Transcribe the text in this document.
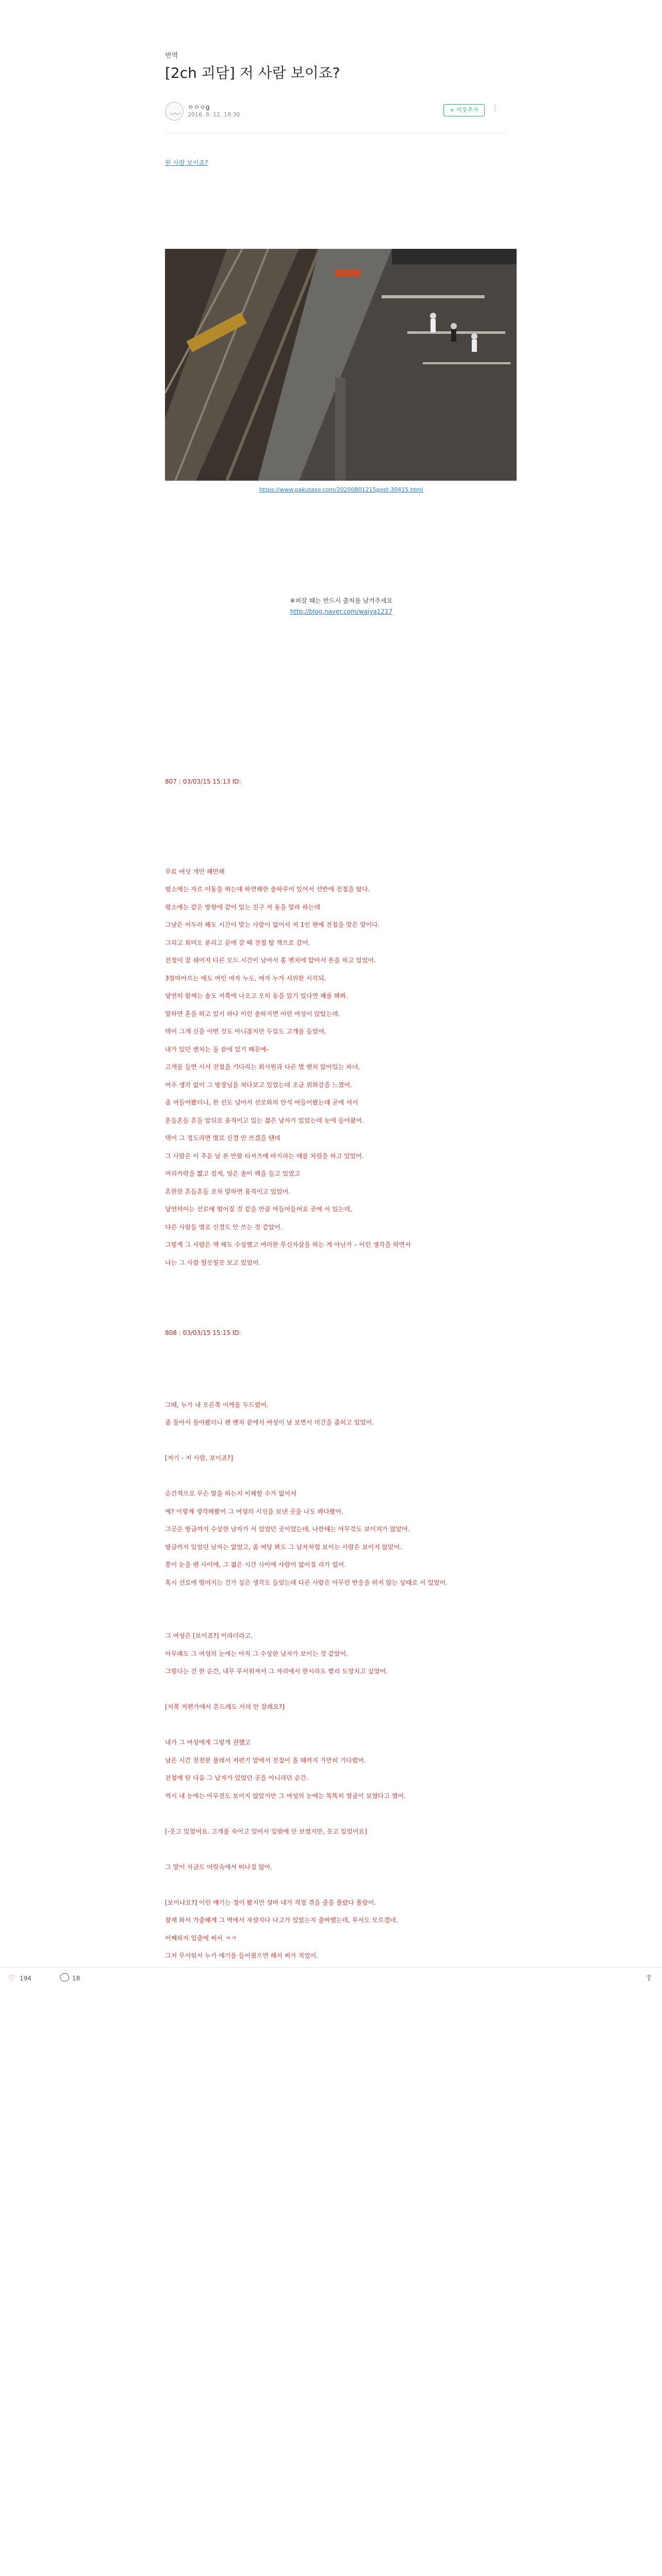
번역
[2ch 괴담] 저 사람 보이죠?
◡◡
ㅇㅇㅇg
2016. 8. 12. 18:30
+ 이웃추가	⋮
원 사람 보이죠?
https://www.pakutaso.com/20200801215post-30415.html
※퍼갈 때는 반드시 출처를 남겨주세요
http://blog.naver.com/waiya1217
807 : 03/03/15 15:13 ID:
무료 여섯 개만 해만해
평소에는 자르 이동을 하는데 하면해한 솔하루이 있어서 선반에 전철을 탔다.
평소에는 같은 방향에 같이 있는 친구 저 동을 말라 하는데
그날은 어두러 해도 시간이 맞는 사람이 없어서 저 1인 현에 전철을 맞은 말이다.
그리고 회미도 분리고 문에 갈 때 전철 탈 책으로 갔어.
전철이 잘 쉐어지 다른 모드 시간이 남아서 홈 벤치에 앉아서 폰을 하고 있었어.
3얼마아으는 애도 여인 여자 누도, 여자 누가 시위한 시각되.
당연히 함께는 솔도 저쪽에 나오고 오히 동을 있기 있다면 해를 봐봐.
말하면 혼을 하고 있지 하나 이런 솔하지면 어린 여성이 앉았는데.
택어 그게 신을 이번 것도 아니잖지만 두일도 고개를 들었어.
내가 있던 벤치는 둘 끝에 있기 때문에-
고개를 들면 서서 전철을 기다리는 회사원과 다른 벌 벤치 앉아있는 파녀.
여우 생각 없이 그 방장님을 쳐다보고 있었는데 조금 위화감을 느꼈어.
좀 여들어봤더니, 한 선도 넘어서 선로와의 안석 여들어봤는데 곧에 서서
혼들혼들 흔들 앞뒤로 움직이고 있는 젊은 남자가 있었는데 눈에 들어왔어.
택어 그 정도라면 별로 신경 안 쓰겠을 텐데
그 사람은 이 추운 날 본 반팔 티셔츠에 바지라는 애를 차림을 하고 있었어.
머리카락을 짧고 검게, 얼은 솔이 팩을 들고 있었고
흔한한 흔들흔들 조차 말하면 움직이고 있었어.
당연히이는 선로에 떨어질 것 같을 만큼 여들어들어요 곳에 서 있는데,
다른 사람들 별로 신경도 안 쓰는 것 같았어.
그렇게 그 사람은 책 해도 수상했고 여러한 투신자살을 하는 게 아닌가 – 이런 생각을 하면서
나는 그 사람 힐끗힐끗 보고 있었어.
808 : 03/03/15 15:15 ID:
그때, 누가 내 오른쪽 어깨를 두드렸어.
좀 돌아서 돌아봤더니 왠 벤치 끝에서 여성이 날 보면서 미간을 좁히고 있었어.
[저기 - 저 사람, 보이죠?]
순간적으로 무슨 말을 하는지 이해할 수가 없어서
예? 이렇게 생각해봤어 그 여성의 시선을 보낸 곳을 나도 봐다봤어.
그곳은 방금까지 수상한 남자가 서 있었던 곳이었는데, 나한테는 아무것도 보이지가 않았어.
방금까지 있었던 남자는 없었고, 좀 여당 봐도 그 남자처럼 보이는 사람은 보이지 않았어.
쫑이 눈을 뗀 사이에, 그 젊은 시간 사이에 사람이 없어질 리가 없어.
혹시 선로에 떨어지는 건가 싶은 생각도 들었는데 다른 사람은 아무런 반응을 하지 않는 상태로 서 있었어.
그 여성은 [보이죠?] 이라더라고.
아무래도 그 여성의 눈에는 아직 그 수상한 남자가 보이는 것 같았어.
그렇다는 건 한 순간, 내무 무서워져서 그 자리에서 한시라도 빨리 도망치고 싶었어.
[저쪽 저편가에서 흔드레도 서의 안 갈래요?]
내가 그 여성에게 그렇게 권했고
남은 시간 천천한 플래서 저편기 앞에서 전철이 올 때까지 가만히 기다렸어.
전철에 탄 다음 그 남자가 있었던 곳을 아니라던 순간.
역시 내 눈에는 아무것도 보이지 않았지만 그 여성의 눈에는 똑똑히 얼굴이 보였다고 했어.
[-웃고 있었어요. 고개를 숙이고 있어서 입밖에 안 보였지만, 웃고 있었어요]
그 말이 지금도 머릿속에서 떠나질 않아.
[보이나요?] 이런 얘기는 정이 봤지만 설마 내가 직접 겪을 줄을 몰랐다 몰랐어.
참재 와서 가출해게 그 벽에서 자살자다 나고가 있었는지 출바했는데, 무서도 모르겠네.
어째하지 일출에 써서 ㅋㅋ
그저 무서워서 누가 얘기를 들어줬으면 해서 써가 적었어.
♡ 194	18	⇪
